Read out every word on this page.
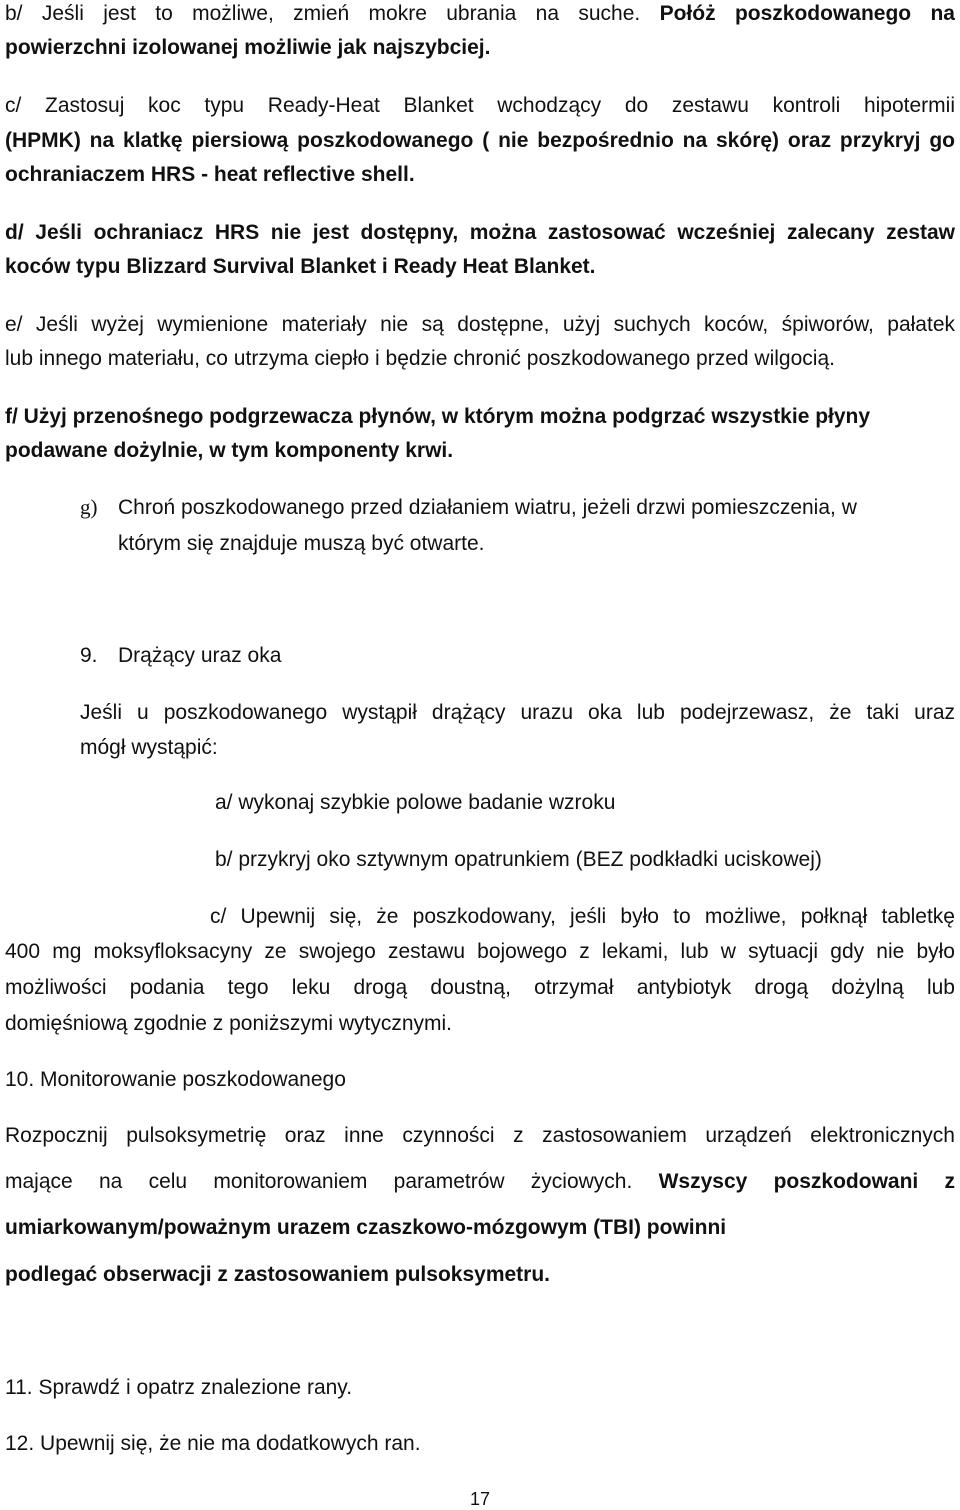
b/ Jeśli jest to możliwe, zmień mokre ubrania na suche. Połóż poszkodowanego na
powierzchni izolowanej możliwie jak najszybciej.
c/ Zastosuj koc typu Ready-Heat Blanket wchodzący do zestawu kontroli hipotermii
(HPMK) na klatkę piersiową poszkodowanego ( nie bezpośrednio na skórę) oraz przykryj go
ochraniaczem HRS - heat reflective shell.
d/ Jeśli ochraniacz HRS nie jest dostępny, można zastosować wcześniej zalecany zestaw
koców typu Blizzard Survival Blanket i Ready Heat Blanket.
e/ Jeśli wyżej wymienione materiały nie są dostępne, użyj suchych koców, śpiworów, pałatek
lub innego materiału, co utrzyma ciepło i będzie chronić poszkodowanego przed wilgocią.
f/ Użyj przenośnego podgrzewacza płynów, w którym można podgrzać wszystkie płyny
podawane dożylnie, w tym komponenty krwi.
g) Chroń poszkodowanego przed działaniem wiatru, jeżeli drzwi pomieszczenia, w
którym się znajduje muszą być otwarte.
9. Drążący uraz oka
Jeśli u poszkodowanego wystąpił drążący urazu oka lub podejrzewasz, że taki uraz
mógł wystąpić:
a/ wykonaj szybkie polowe badanie wzroku
b/ przykryj oko sztywnym opatrunkiem (BEZ podkładki uciskowej)
c/ Upewnij się, że poszkodowany, jeśli było to możliwe, połknął tabletkę
400 mg moksyfloksacyny ze swojego zestawu bojowego z lekami, lub w sytuacji gdy nie było
możliwości podania tego leku drogą doustną, otrzymał antybiotyk drogą dożylną lub
domięśniową zgodnie z poniższymi wytycznymi.
10. Monitorowanie poszkodowanego
Rozpocznij pulsoksymetrię oraz inne czynności z zastosowaniem urządzeń elektronicznych
mające na celu monitorowaniem parametrów życiowych. Wszyscy poszkodowani z
umiarkowanym/poważnym urazem czaszkowo-mózgowym (TBI) powinni
podlegać obserwacji z zastosowaniem pulsoksymetru.
11. Sprawdź i opatrz znalezione rany.
12. Upewnij się, że nie ma dodatkowych ran.
17
